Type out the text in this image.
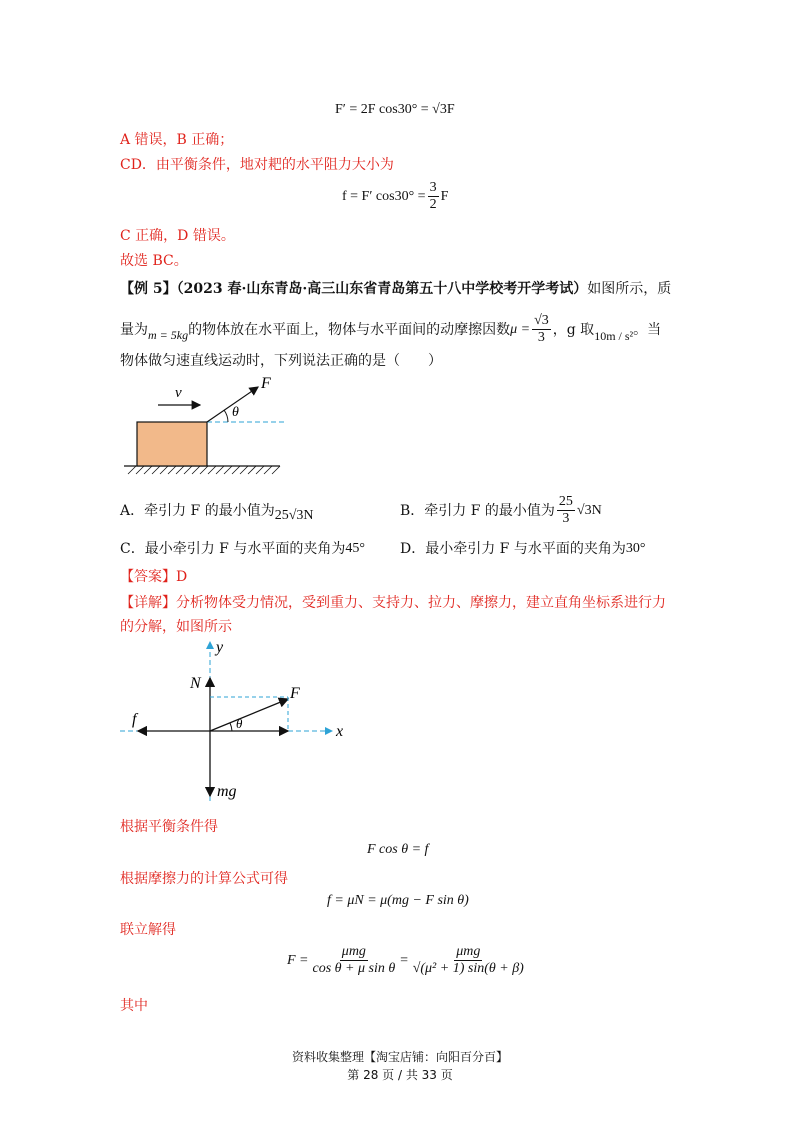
F′ = 2F cos30° = √3F
A 错误，B 正确；
CD．由平衡条件，地对耙的水平阻力大小为
f = F′ $\cos 30^\circ = \frac{3}{2}$ F
C 正确，D 错误。
故选 BC。
【例 5】（2023 春·山东青岛·高三山东省青岛第五十八中学校考开学考试）如图所示，质
量为 m = 5kg 的物体放在水平面上，物体与水平面间的动摩擦因数 $\mu = \frac{√3}{3}$ ，g 取 10m / s² 。当
物体做匀速直线运动时，下列说法正确的是（　　）
v
F
θ
A．牵引力 F 的最小值为 25√3N	B．牵引力 F 的最小值为 $\frac{25}{3} √3N$
C．最小牵引力 F 与水平面的夹角为 45°	D．最小牵引力 F 与水平面的夹角为 30°
【答案】D
【详解】分析物体受力情况，受到重力、支持力、拉力、摩擦力，建立直角坐标系进行力
的分解，如图所示
y
x
N
F
f
mg
θ
根据平衡条件得
F cos θ = f
根据摩擦力的计算公式可得
f = μN = μ(mg − F sin θ)
联立解得
$F = \frac{\text{μmg}}{\text{cos θ + μ sin θ}} = \frac{\text{μmg}}{\text{√(μ² + 1) sin(θ + β)}}$
其中
资料收集整理【淘宝店铺：向阳百分百】
第 28 页 / 共 33 页
